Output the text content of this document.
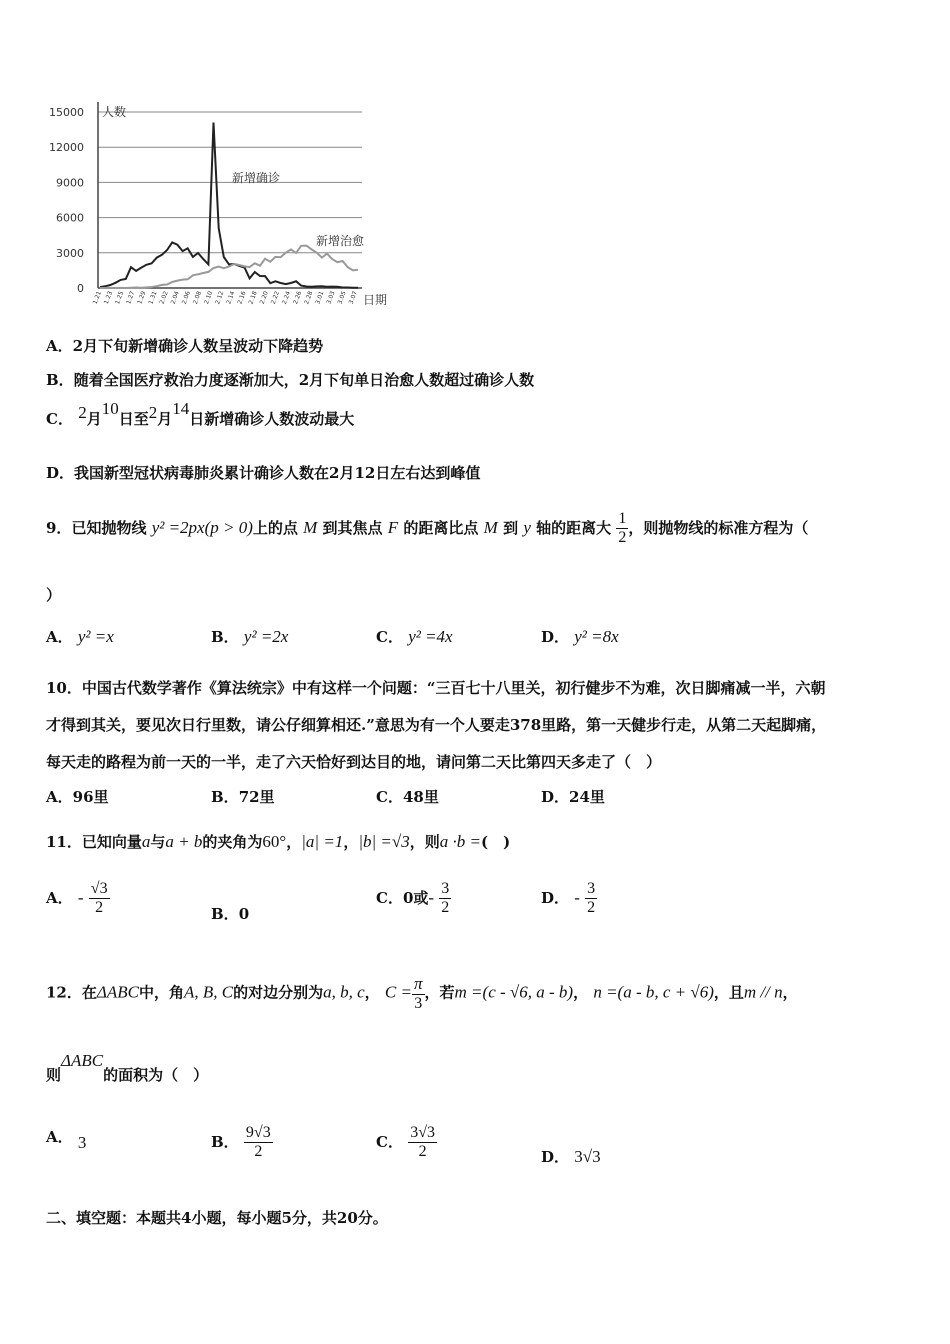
15000
12000
9000
6000
3000
0
1.21 1.23 1.25 1.27 1.29 1.31 2.02 2.04 2.06 2.08 2.10 2.12 2.14 2.16 2.18 2.20 2.22 2.24 2.26 2.28 3.01 3.03 3.05 3.07
人数
日期
新增确诊
新增治愈
A．2月下旬新增确诊人数呈波动下降趋势
B．随着全国医疗救治力度逐渐加大，2月下旬单日治愈人数超过确诊人数
C． 2月10日至2月14日新增确诊人数波动最大
D．我国新型冠状病毒肺炎累计确诊人数在2月12日左右达到峰值
9．已知抛物线 y² =2px(p > 0)上的点 M 到其焦点 F 的距离比点 M 到 y 轴的距离大 $\frac{1}{2}$ ，则抛物线的标准方程为（
）
A． y² =x	B． y² =2x	C． y² =4x	D． y² =8x
10．中国古代数学著作《算法统宗》中有这样一个问题：“三百七十八里关，初行健步不为难，次日脚痛减一半，六朝
才得到其关，要见次日行里数，请公仔细算相还.”意思为有一个人要走378里路，第一天健步行走，从第二天起脚痛，
每天走的路程为前一天的一半，走了六天恰好到达目的地，请问第二天比第四天多走了（　）
A．96里	B．72里	C．48里	D．24里
11．已知向量a与a + b的夹角为60°，|a| =1，|b| =√3，则a ·b =(　)
A． - $\frac{√3}{2}$	B．0
C．0或- $\frac{3}{2}$	D． - $\frac{3}{2}$
12．在ΔABC中，角A, B, C的对边分别为a, b, c， $C = \frac{\pi}{3}$ ，若m =(c - √6, a - b)， n =(a - b, c + √6)，且m // n，
则ΔABC的面积为（　）
A． 3	B． $\frac{9√3}{2}$	C． $\frac{3√3}{2}$	D． 3√3
二、填空题：本题共4小题，每小题5分，共20分。
